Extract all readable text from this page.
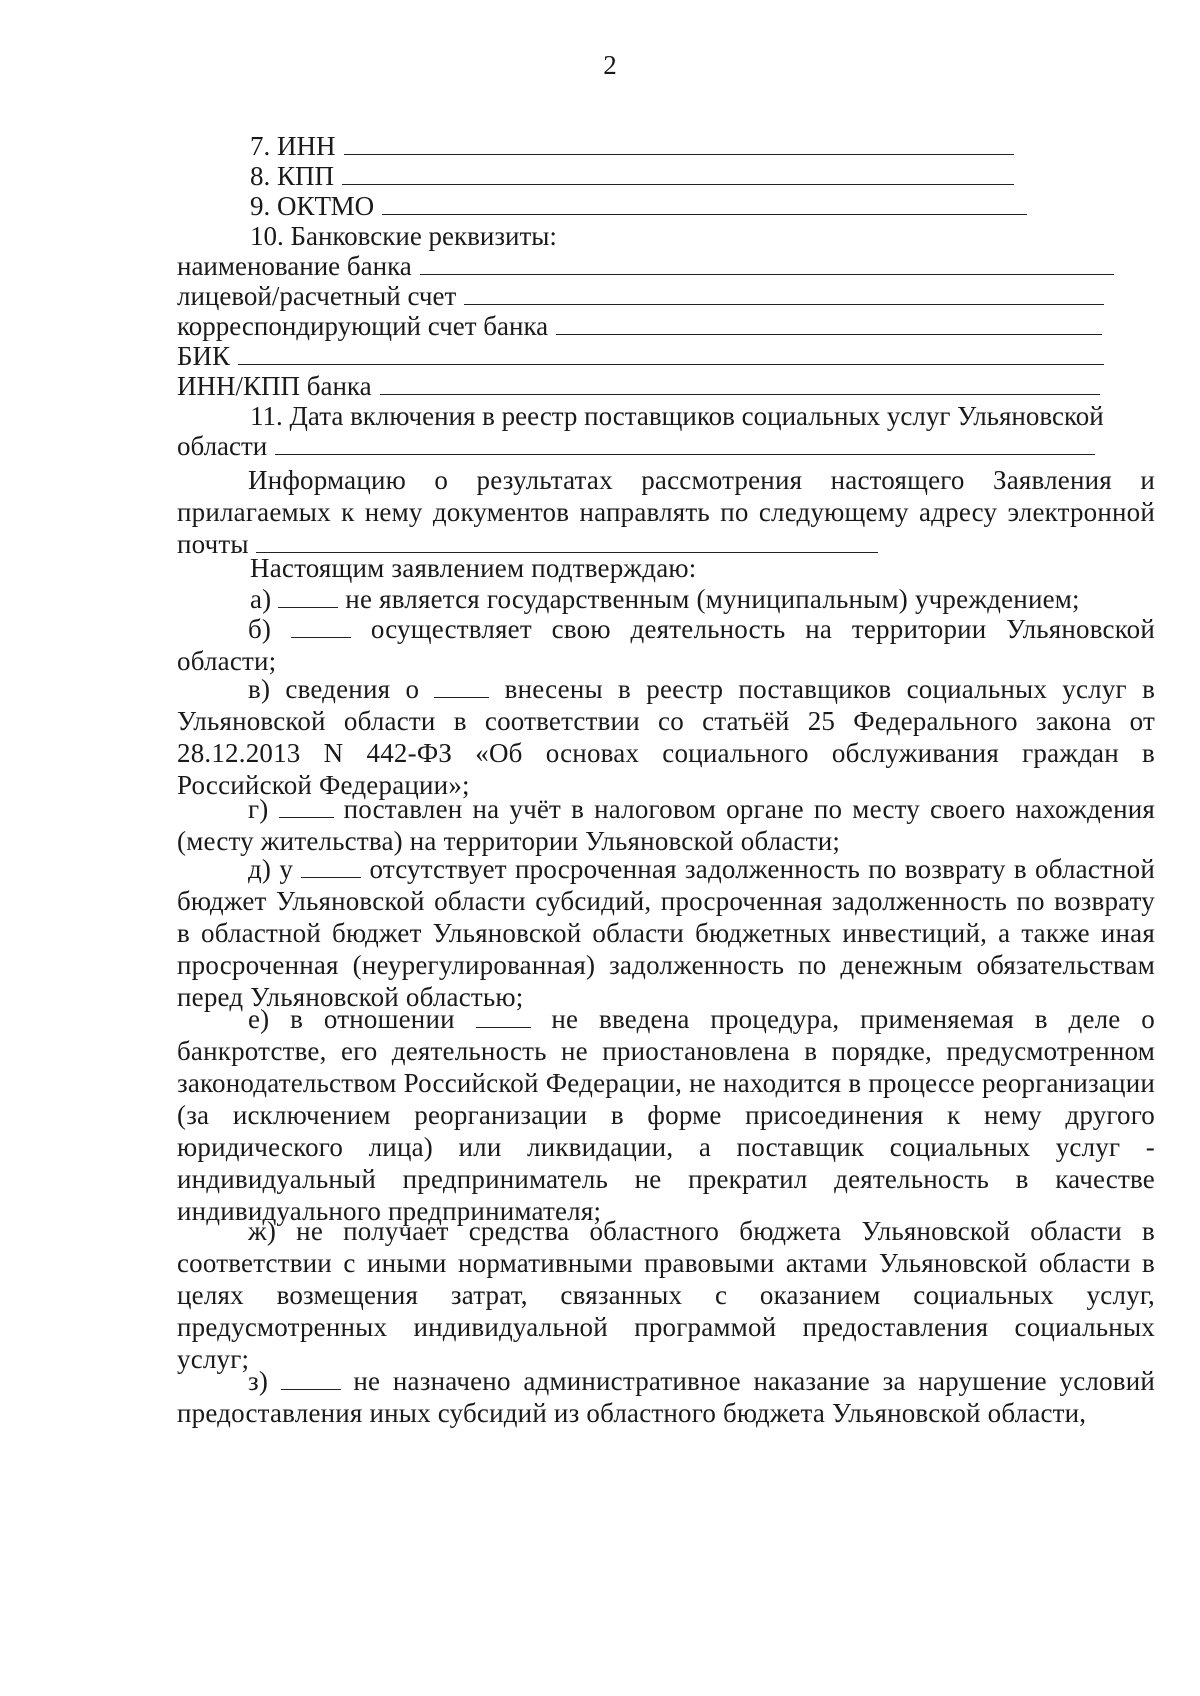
2
7. ИНН
8. КПП
9. ОКТМО
10. Банковские реквизиты:
наименование банка
лицевой/расчетный счет
корреспондирующий счет банка
БИК
ИНН/КПП банка
11. Дата включения в реестр поставщиков социальных услуг Ульяновской
области
Информацию о результатах рассмотрения настоящего Заявления и прилагаемых к нему документов направлять по следующему адресу электронной почты
Настоящим заявлением подтверждаю:
а)	не является государственным (муниципальным) учреждением;
б)	осуществляет свою деятельность на территории Ульяновской области;
в) сведения о	внесены в реестр поставщиков социальных услуг в Ульяновской области в соответствии со статьёй 25 Федерального закона от 28.12.2013 N 442-ФЗ «Об основах социального обслуживания граждан в Российской Федерации»;
г)	поставлен на учёт в налоговом органе по месту своего нахождения (месту жительства) на территории Ульяновской области;
д) у	отсутствует просроченная задолженность по возврату в областной бюджет Ульяновской области субсидий, просроченная задолженность по возврату в областной бюджет Ульяновской области бюджетных инвестиций, а также иная просроченная (неурегулированная) задолженность по денежным обязательствам перед Ульяновской областью;
е) в отношении	не введена процедура, применяемая в деле о банкротстве, его деятельность не приостановлена в порядке, предусмотренном законодательством Российской Федерации, не находится в процессе реорганизации (за исключением реорганизации в форме присоединения к нему другого юридического лица) или ликвидации, а поставщик социальных услуг - индивидуальный предприниматель не прекратил деятельность в качестве индивидуального предпринимателя;
ж) не получает средства областного бюджета Ульяновской области в соответствии с иными нормативными правовыми актами Ульяновской области в целях возмещения затрат, связанных с оказанием социальных услуг, предусмотренных индивидуальной программой предоставления социальных услуг;
з)	не назначено административное наказание за нарушение условий предоставления иных субсидий из областного бюджета Ульяновской области,
